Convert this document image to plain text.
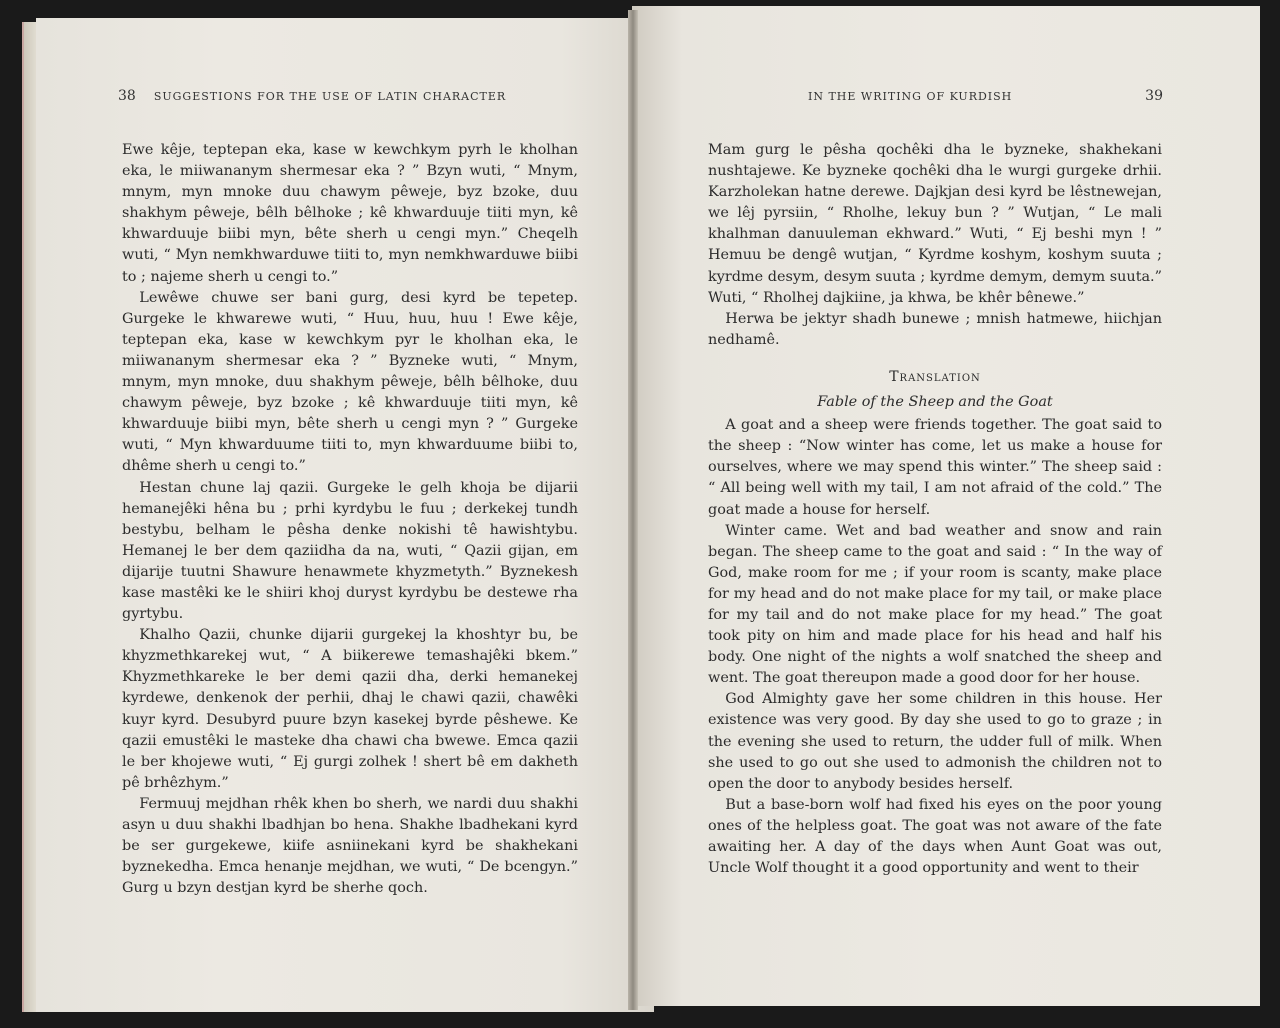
38 SUGGESTIONS FOR THE USE OF LATIN CHARACTER	IN THE WRITING OF KURDISH	39

Ewe kêje, teptepan eka, kase w kewchkym pyrh le kholhan eka, le miiwananym shermesar eka ? ” Bzyn wuti, “ Mnym, mnym, myn mnoke duu chawym pêweje, byz bzoke, duu shakhym pêweje, bêlh bêlhoke ; kê khwarduuje tiiti myn, kê khwarduuje biibi myn, bête sherh u cengi myn.” Cheqelh wuti, “ Myn nemkhwarduwe tiiti to, myn nemkhwarduwe biibi to ; najeme sherh u cengi to.”

Lewêwe chuwe ser bani gurg, desi kyrd be tepetep. Gurgeke le khwarewe wuti, “ Huu, huu, huu ! Ewe kêje, teptepan eka, kase w kewchkym pyr le kholhan eka, le miiwananym shermesar eka ? ” Byzneke wuti, “ Mnym, mnym, myn mnoke, duu shakhym pêweje, bêlh bêlhoke, duu chawym pêweje, byz bzoke ; kê khwarduuje tiiti myn, kê khwarduuje biibi myn, bête sherh u cengi myn ? ” Gurgeke wuti, “ Myn khwarduume tiiti to, myn khwarduume biibi to, dhême sherh u cengi to.”

Hestan chune laj qazii. Gurgeke le gelh khoja be dijarii hemanejêki hêna bu ; prhi kyrdybu le fuu ; derkekej tundh bestybu, belham le pêsha denke nokishi tê hawishtybu. Hemanej le ber dem qaziidha da na, wuti, “ Qazii gijan, em dijarije tuutni Shawure henawmete khyzmetyth.” Byznekesh kase mastêki ke le shiiri khoj duryst kyrdybu be destewe rha gyrtybu.

Khalho Qazii, chunke dijarii gurgekej la khoshtyr bu, be khyzmethkarekej wut, “ A biikerewe temashajêki bkem.” Khyzmethkareke le ber demi qazii dha, derki hemanekej kyrdewe, denkenok der perhii, dhaj le chawi qazii, chawêki kuyr kyrd. Desubyrd puure bzyn kasekej byrde pêshewe. Ke qazii emustêki le masteke dha chawi cha bwewe. Emca qazii le ber khojewe wuti, “ Ej gurgi zolhek ! shert bê em dakheth pê brhêzhym.”

Fermuuj mejdhan rhêk khen bo sherh, we nardi duu shakhi asyn u duu shakhi lbadhjan bo hena. Shakhe lbadhekani kyrd be ser gurgekewe, kiife asniinekani kyrd be shakhekani byznekedha. Emca henanje mejdhan, we wuti, “ De bcengyn.” Gurg u bzyn destjan kyrd be sherhe qoch.

Mam gurg le pêsha qochêki dha le byzneke, shakhekani nushtajewe. Ke byzneke qochêki dha le wurgi gurgeke drhii. Karzholekan hatne derewe. Dajkjan desi kyrd be lêstnewejan, we lêj pyrsiin, “ Rholhe, lekuy bun ? ” Wutjan, “ Le mali khalhman danuuleman ekhward.” Wuti, “ Ej beshi myn ! ” Hemuu be dengê wutjan, “ Kyrdme koshym, koshym suuta ; kyrdme desym, desym suuta ; kyrdme demym, demym suuta.” Wuti, “ Rholhej dajkiine, ja khwa, be khêr bênewe.”

Herwa be jektyr shadh bunewe ; mnish hatmewe, hiichjan nedhamê.

Translation
Fable of the Sheep and the Goat

A goat and a sheep were friends together. The goat said to the sheep : “Now winter has come, let us make a house for ourselves, where we may spend this winter.” The sheep said : “ All being well with my tail, I am not afraid of the cold.” The goat made a house for herself.

Winter came. Wet and bad weather and snow and rain began. The sheep came to the goat and said : “ In the way of God, make room for me ; if your room is scanty, make place for my head and do not make place for my tail, or make place for my tail and do not make place for my head.” The goat took pity on him and made place for his head and half his body. One night of the nights a wolf snatched the sheep and went. The goat thereupon made a good door for her house.

God Almighty gave her some children in this house. Her existence was very good. By day she used to go to graze ; in the evening she used to return, the udder full of milk. When she used to go out she used to admonish the children not to open the door to anybody besides herself.

But a base-born wolf had fixed his eyes on the poor young ones of the helpless goat. The goat was not aware of the fate awaiting her. A day of the days when Aunt Goat was out, Uncle Wolf thought it a good opportunity and went to their
